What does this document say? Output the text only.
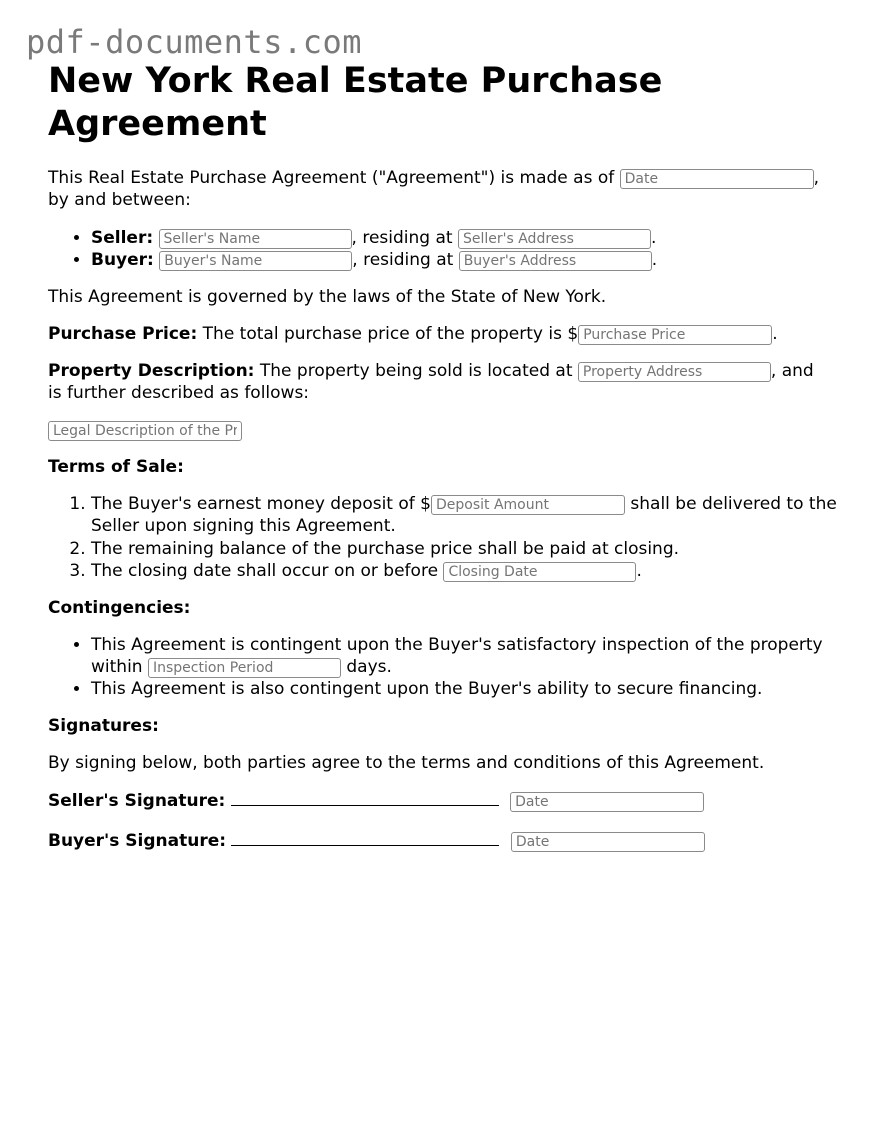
pdf-documents.com
New York Real Estate Purchase Agreement

This Real Estate Purchase Agreement ("Agreement") is made as of Date	,
by and between:

• Seller: Seller's Name	, residing at Seller's Address	.
• Buyer: Buyer's Name	, residing at Buyer's Address	.

This Agreement is governed by the laws of the State of New York.

Purchase Price: The total purchase price of the property is $Purchase Price	.

Property Description: The property being sold is located at Property Address	, and
is further described as follows:

Legal Description of the Property

Terms of Sale:

1. The Buyer's earnest money deposit of $Deposit Amount	shall be delivered to the Seller upon signing this Agreement.
2. The remaining balance of the purchase price shall be paid at closing.
3. The closing date shall occur on or before Closing Date	.

Contingencies:

• This Agreement is contingent upon the Buyer's satisfactory inspection of the property within Inspection Period	days.
• This Agreement is also contingent upon the Buyer's ability to secure financing.

Signatures:

By signing below, both parties agree to the terms and conditions of this Agreement.

Seller's Signature:  Date

Buyer's Signature:  Date
